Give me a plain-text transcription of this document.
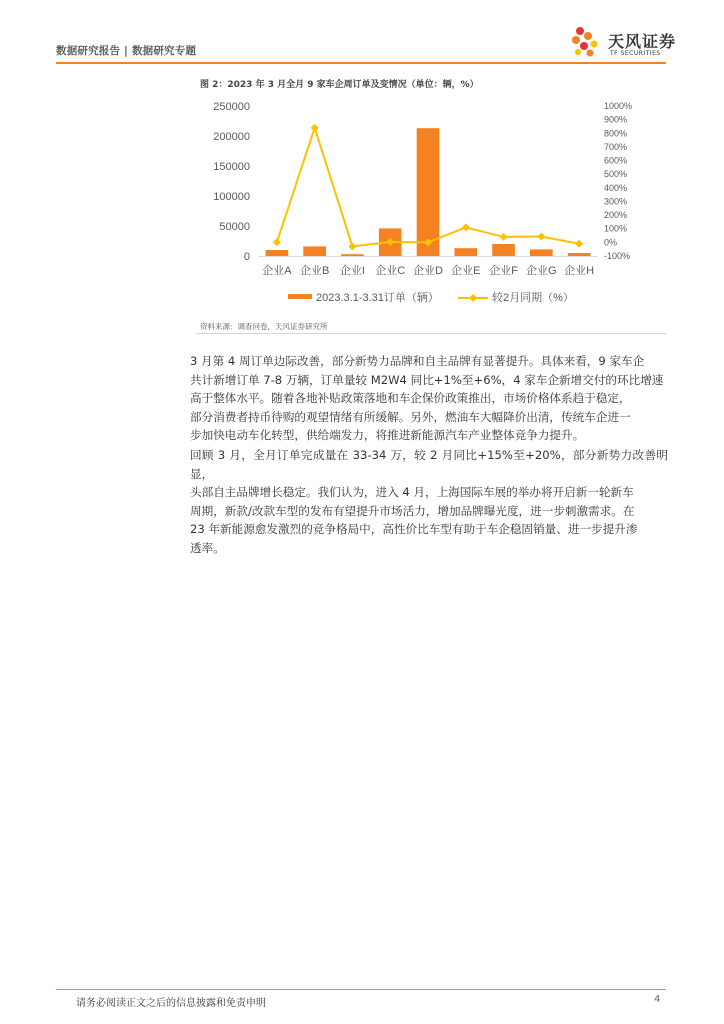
数据研究报告 | 数据研究专题	天风证券
TF SECURITIES
图 2：2023 年 3 月全月 9 家车企周订单及变情况（单位：辆，%）
250000
200000
150000
100000
50000
0
1000%
900%
800%
700%
600%
500%
400%
300%
200%
100%
0%
-100%
企业A 企业B 企业I 企业C 企业D 企业E 企业F 企业G 企业H
2023.3.1-3.31订单（辆）	较2月同期（%）
资料来源：调查问卷，天风证券研究所
3 月第 4 周订单边际改善，部分新势力品牌和自主品牌有显著提升。具体来看，9 家车企
共计新增订单 7-8 万辆，订单量较 M2W4 同比+1%至+6%，4 家车企新增交付的环比增速
高于整体水平。随着各地补贴政策落地和车企保价政策推出，市场价格体系趋于稳定，
部分消费者持币待购的观望情绪有所缓解。另外，燃油车大幅降价出清，传统车企进一
步加快电动车化转型，供给端发力，将推进新能源汽车产业整体竞争力提升。
回顾 3 月，全月订单完成量在 33-34 万，较 2 月同比+15%至+20%，部分新势力改善明显，
头部自主品牌增长稳定。我们认为，进入 4 月，上海国际车展的举办将开启新一轮新车
周期，新款/改款车型的发布有望提升市场活力，增加品牌曝光度，进一步刺激需求。在
23 年新能源愈发激烈的竞争格局中，高性价比车型有助于车企稳固销量、进一步提升渗
透率。
请务必阅读正文之后的信息披露和免责申明	4
